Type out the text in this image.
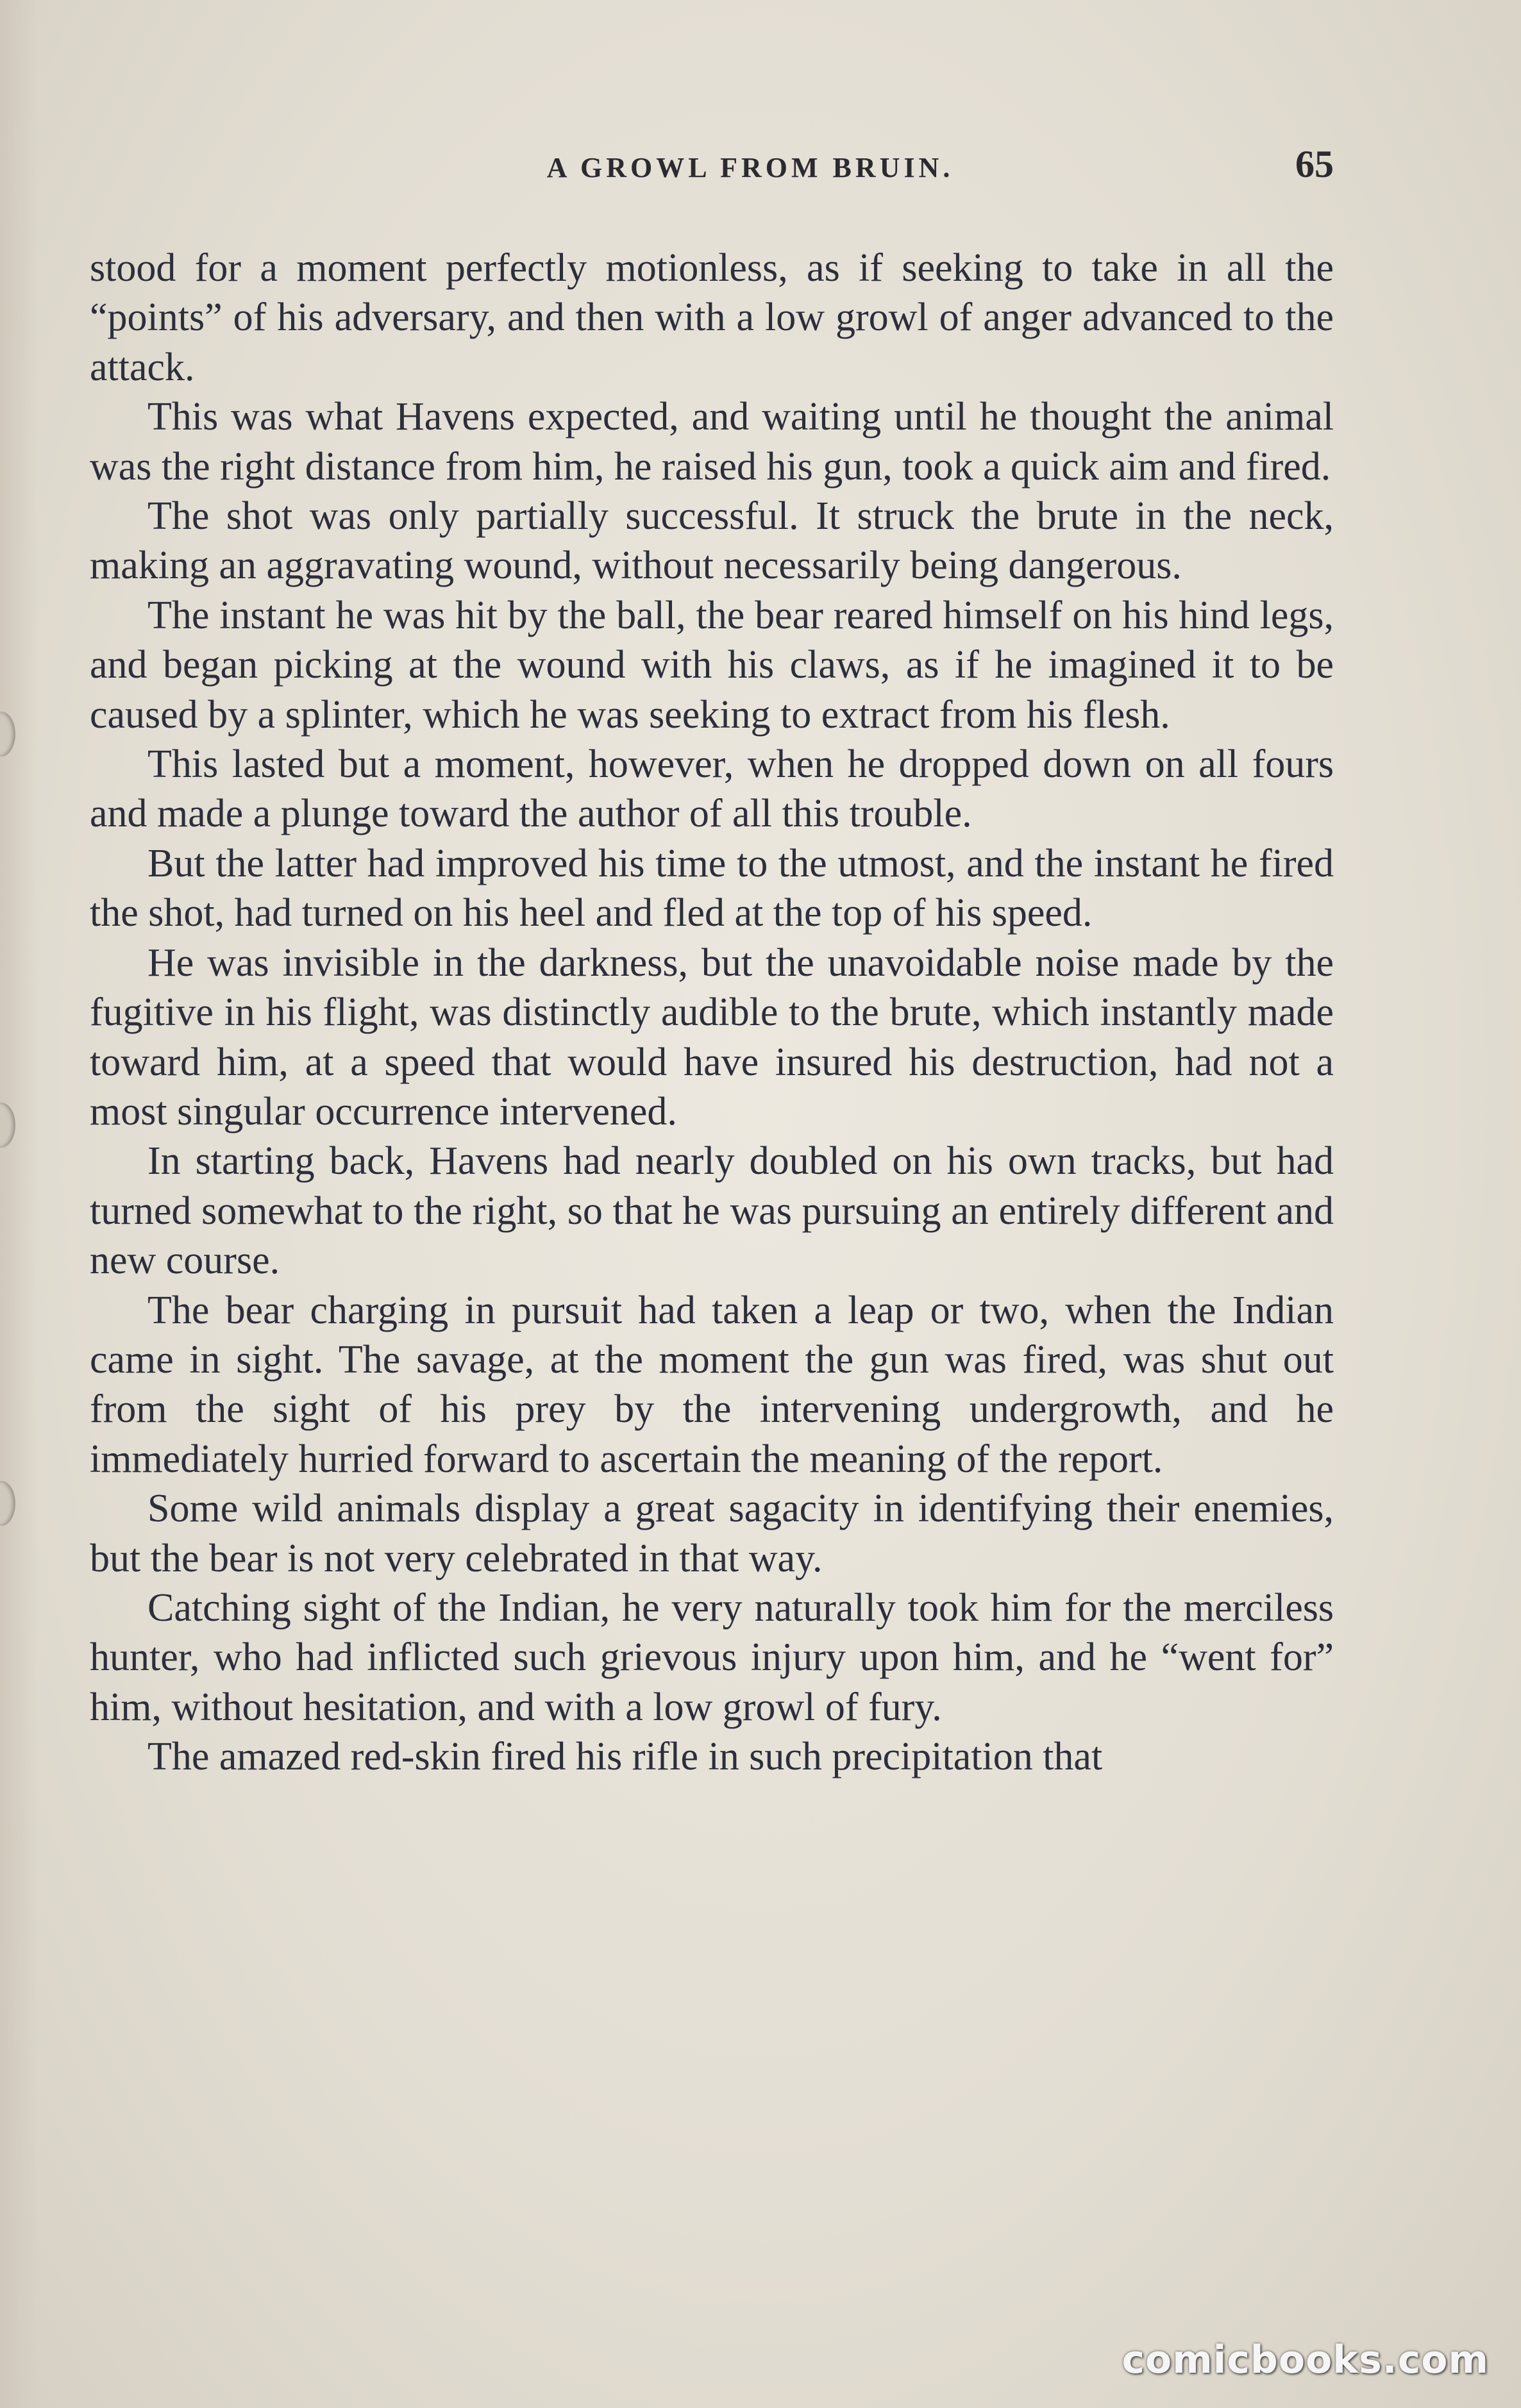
A GROWL FROM BRUIN.	65

stood for a moment perfectly motionless, as if seeking to take in all the “points” of his adversary, and then with a low growl of anger advanced to the attack.

This was what Havens expected, and waiting until he thought the animal was the right distance from him, he raised his gun, took a quick aim and fired.

The shot was only partially successful. It struck the brute in the neck, making an aggravating wound, without necessarily being dangerous.

The instant he was hit by the ball, the bear reared himself on his hind legs, and began picking at the wound with his claws, as if he imagined it to be caused by a splinter, which he was seeking to extract from his flesh.

This lasted but a moment, however, when he dropped down on all fours and made a plunge toward the author of all this trouble.

But the latter had improved his time to the utmost, and the instant he fired the shot, had turned on his heel and fled at the top of his speed.

He was invisible in the darkness, but the unavoidable noise made by the fugitive in his flight, was distinctly audible to the brute, which instantly made toward him, at a speed that would have insured his destruction, had not a most singular occurrence intervened.

In starting back, Havens had nearly doubled on his own tracks, but had turned somewhat to the right, so that he was pursuing an entirely different and new course.

The bear charging in pursuit had taken a leap or two, when the Indian came in sight. The savage, at the moment the gun was fired, was shut out from the sight of his prey by the intervening undergrowth, and he immediately hurried forward to ascertain the meaning of the report.

Some wild animals display a great sagacity in identifying their enemies, but the bear is not very celebrated in that way.

Catching sight of the Indian, he very naturally took him for the merciless hunter, who had inflicted such grievous injury upon him, and he “went for” him, without hesitation, and with a low growl of fury.

The amazed red-skin fired his rifle in such precipitation that

comicbooks.com
